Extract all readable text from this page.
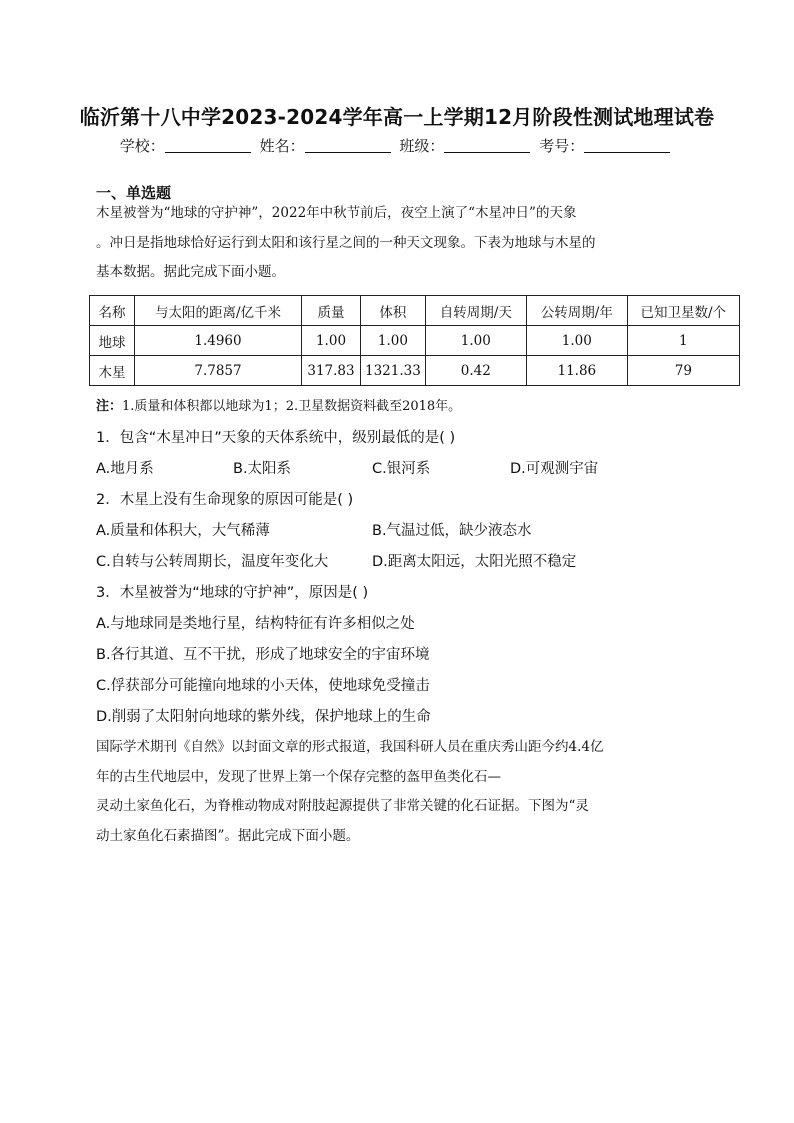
临沂第十八中学2023-2024学年高一上学期12月阶段性测试地理试卷
学校：	姓名：	班级：	考号：
一、单选题
木星被誉为“地球的守护神”，2022年中秋节前后，夜空上演了“木星冲日”的天象
。冲日是指地球恰好运行到太阳和该行星之间的一种天文现象。下表为地球与木星的
基本数据。据此完成下面小题。
名称	与太阳的距离/亿千米	质量	体积	自转周期/天	公转周期/年	已知卫星数/个
地球	1.4960	1.00	1.00	1.00	1.00	1
木星	7.7857	317.83	1321.33	0.42	11.86	79
注：1.质量和体积都以地球为1；2.卫星数据资料截至2018年。
1．包含“木星冲日”天象的天体系统中，级别最低的是( )
A.地月系	B.太阳系	C.银河系	D.可观测宇宙
2．木星上没有生命现象的原因可能是( )
A.质量和体积大，大气稀薄	B.气温过低，缺少液态水
C.自转与公转周期长，温度年变化大	D.距离太阳远，太阳光照不稳定
3．木星被誉为“地球的守护神”，原因是( )
A.与地球同是类地行星，结构特征有许多相似之处
B.各行其道、互不干扰，形成了地球安全的宇宙环境
C.俘获部分可能撞向地球的小天体，使地球免受撞击
D.削弱了太阳射向地球的紫外线，保护地球上的生命
国际学术期刊《自然》以封面文章的形式报道，我国科研人员在重庆秀山距今约4.4亿
年的古生代地层中，发现了世界上第一个保存完整的盔甲鱼类化石—
灵动土家鱼化石，为脊椎动物成对附肢起源提供了非常关键的化石证据。下图为“灵
动土家鱼化石素描图”。据此完成下面小题。
